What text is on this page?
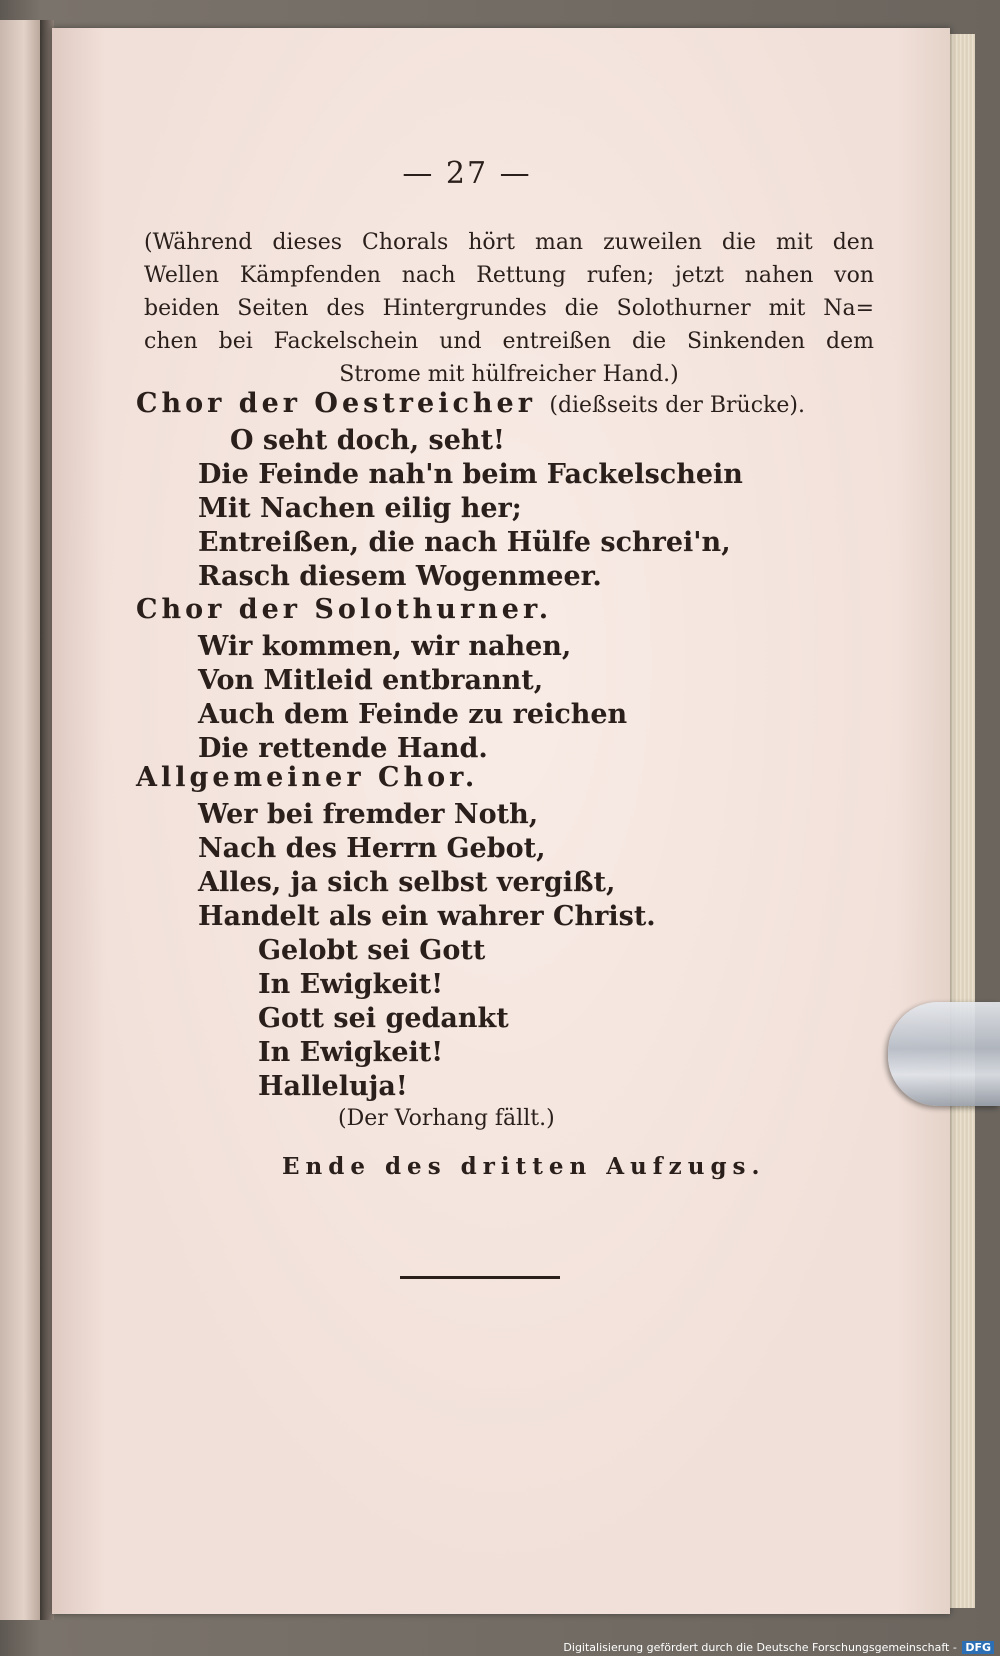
— 27 —
(Während dieses Chorals hört man zuweilen die mit den
Wellen Kämpfenden nach Rettung rufen; jetzt nahen von
beiden Seiten des Hintergrundes die Solothurner mit Na=
chen bei Fackelschein und entreißen die Sinkenden dem
Strome mit hülfreicher Hand.)
Chor der Oestreicher (dießseits der Brücke).
O seht doch, seht!
Die Feinde nah'n beim Fackelschein
Mit Nachen eilig her;
Entreißen, die nach Hülfe schrei'n,
Rasch diesem Wogenmeer.
Chor der Solothurner.
Wir kommen, wir nahen,
Von Mitleid entbrannt,
Auch dem Feinde zu reichen
Die rettende Hand.
Allgemeiner Chor.
Wer bei fremder Noth,
Nach des Herrn Gebot,
Alles, ja sich selbst vergißt,
Handelt als ein wahrer Christ.
Gelobt sei Gott
In Ewigkeit!
Gott sei gedankt
In Ewigkeit!
Halleluja!
(Der Vorhang fällt.)
Ende des dritten Aufzugs.
Digitalisierung gefördert durch die Deutsche Forschungsgemeinschaft - DFG
